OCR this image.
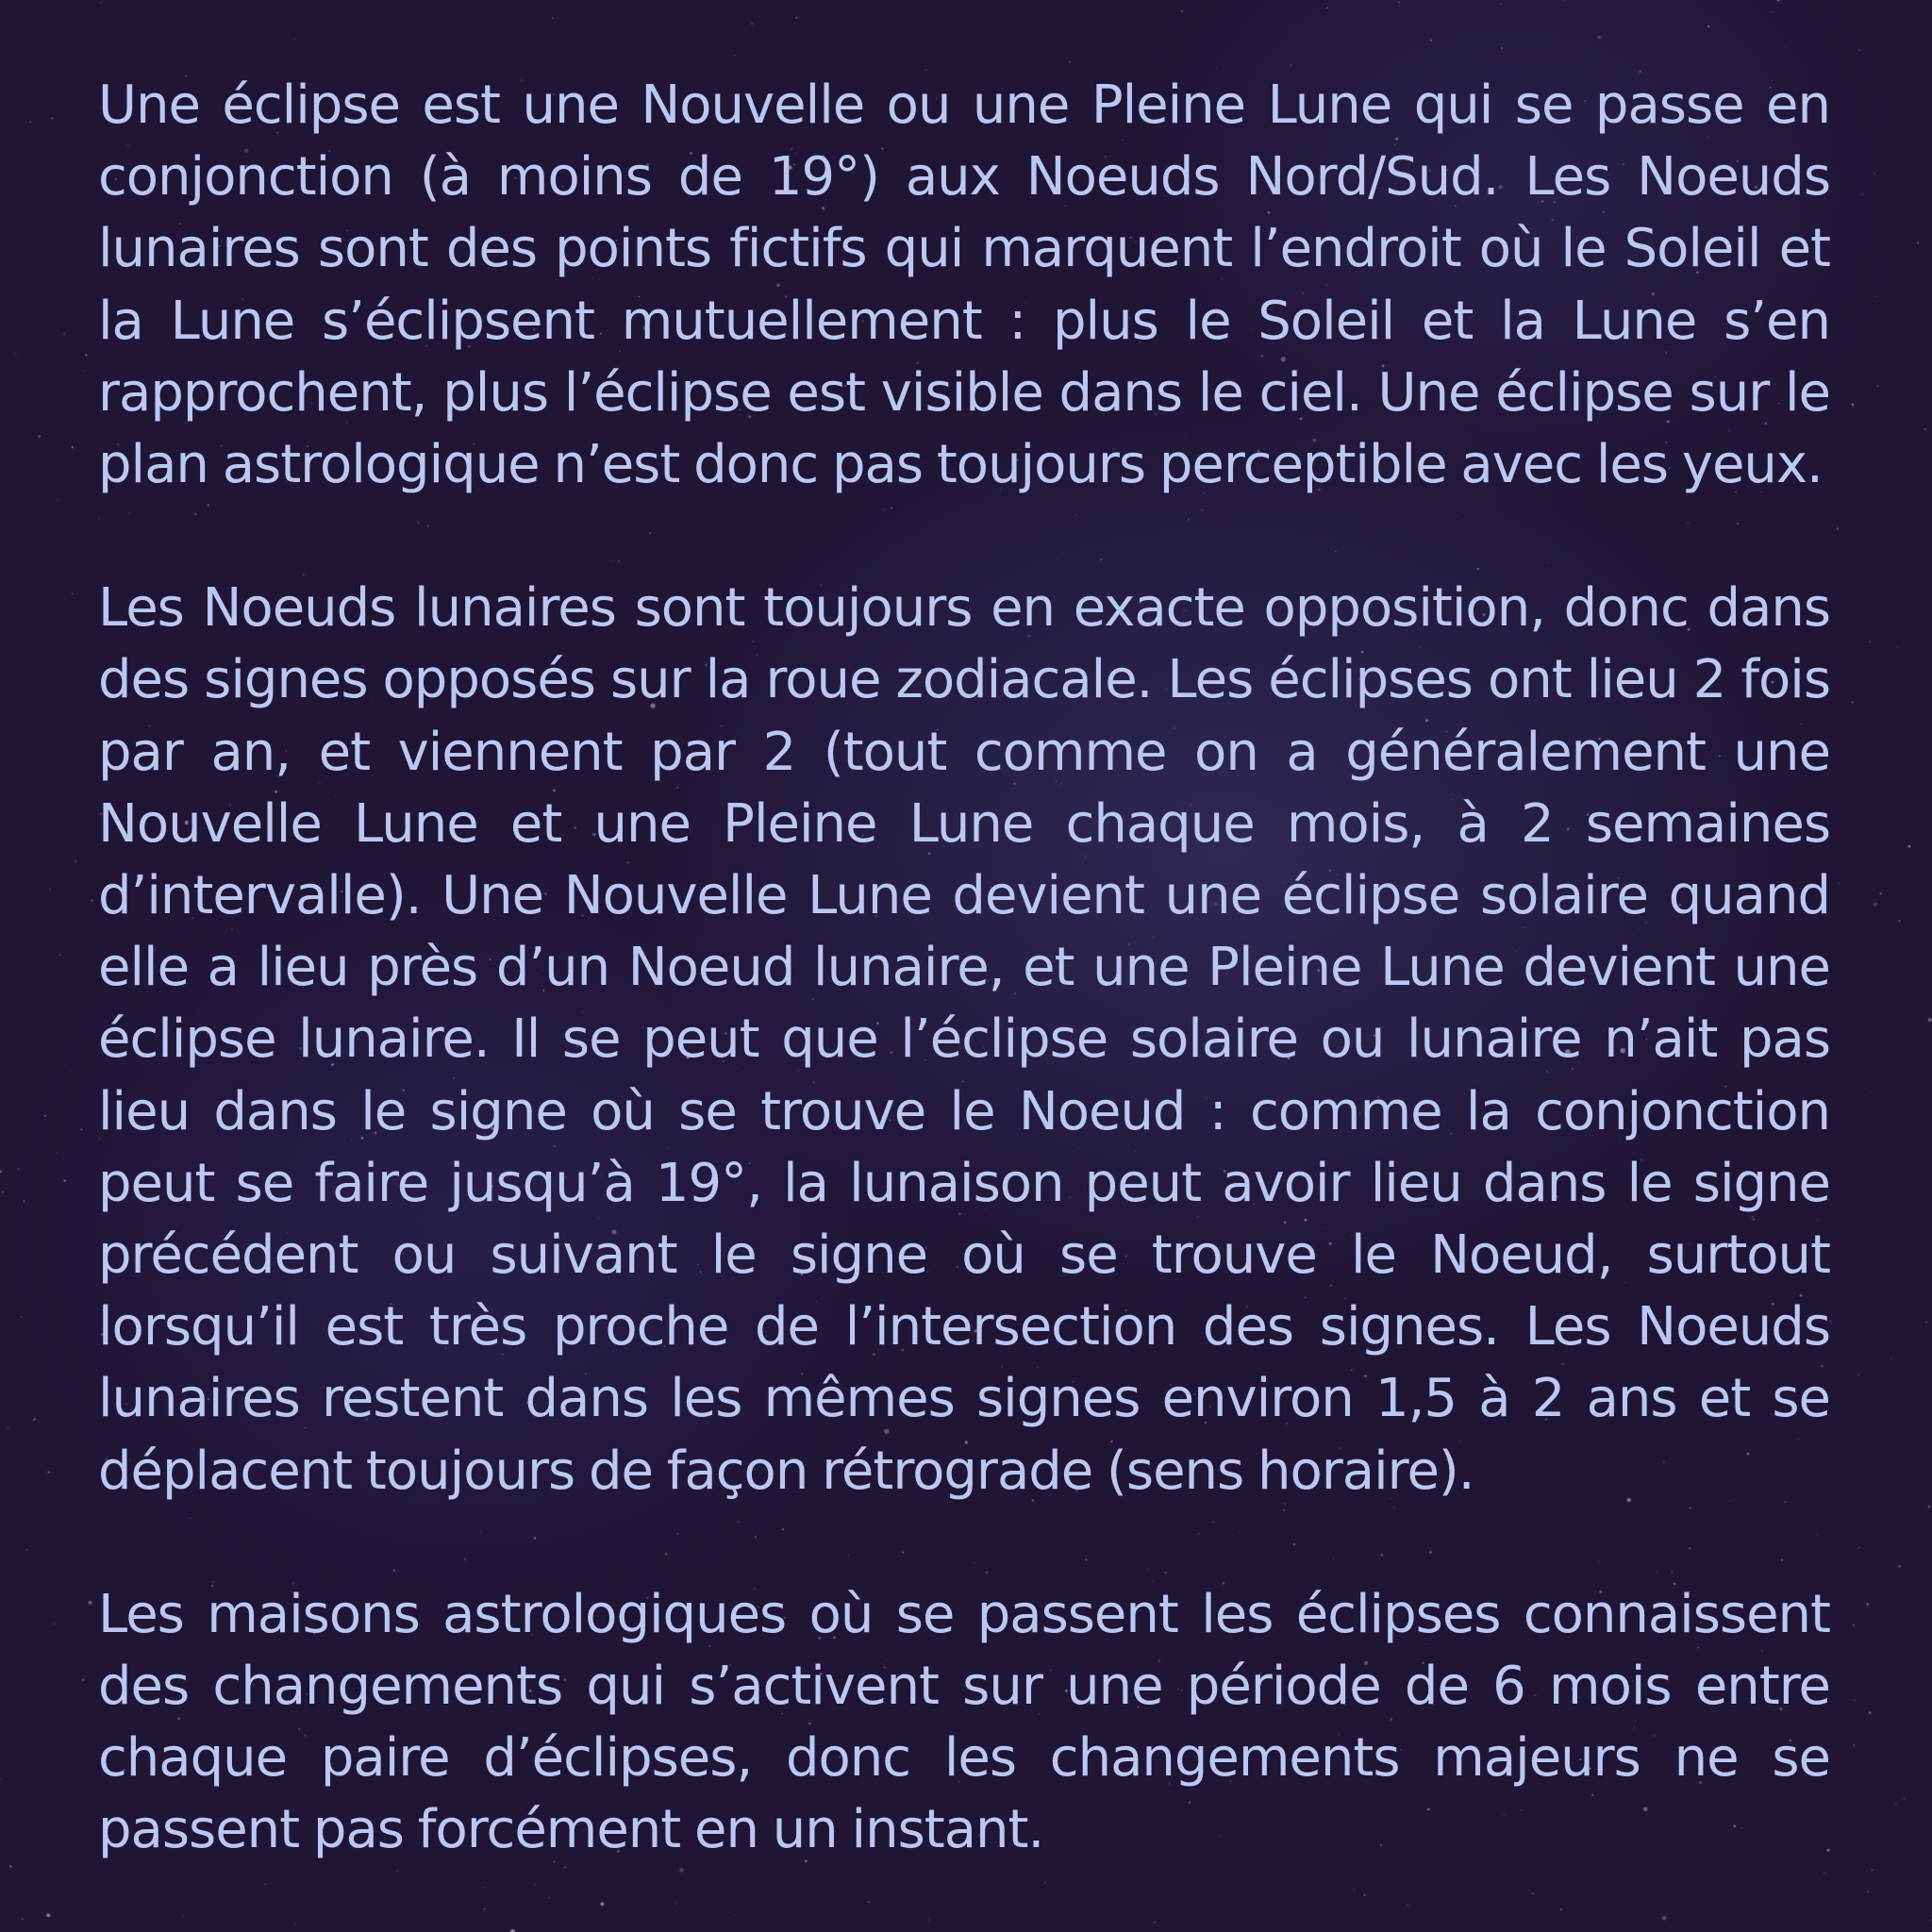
Une éclipse est une Nouvelle ou une Pleine Lune qui se passe en conjonction (à moins de 19°) aux Noeuds Nord/Sud. Les Noeuds lunaires sont des points fictifs qui marquent l’endroit où le Soleil et la Lune s’éclipsent mutuellement : plus le Soleil et la Lune s’en rapprochent, plus l’éclipse est visible dans le ciel. Une éclipse sur le plan astrologique n’est donc pas toujours perceptible avec les yeux.

Les Noeuds lunaires sont toujours en exacte opposition, donc dans des signes opposés sur la roue zodiacale. Les éclipses ont lieu 2 fois par an, et viennent par 2 (tout comme on a généralement une Nouvelle Lune et une Pleine Lune chaque mois, à 2 semaines d’intervalle). Une Nouvelle Lune devient une éclipse solaire quand elle a lieu près d’un Noeud lunaire, et une Pleine Lune devient une éclipse lunaire. Il se peut que l’éclipse solaire ou lunaire n’ait pas lieu dans le signe où se trouve le Noeud : comme la conjonction peut se faire jusqu’à 19°, la lunaison peut avoir lieu dans le signe précédent ou suivant le signe où se trouve le Noeud, surtout lorsqu’il est très proche de l’intersection des signes. Les Noeuds lunaires restent dans les mêmes signes environ 1,5 à 2 ans et se déplacent toujours de façon rétrograde (sens horaire).

Les maisons astrologiques où se passent les éclipses connaissent des changements qui s’activent sur une période de 6 mois entre chaque paire d’éclipses, donc les changements majeurs ne se passent pas forcément en un instant.
